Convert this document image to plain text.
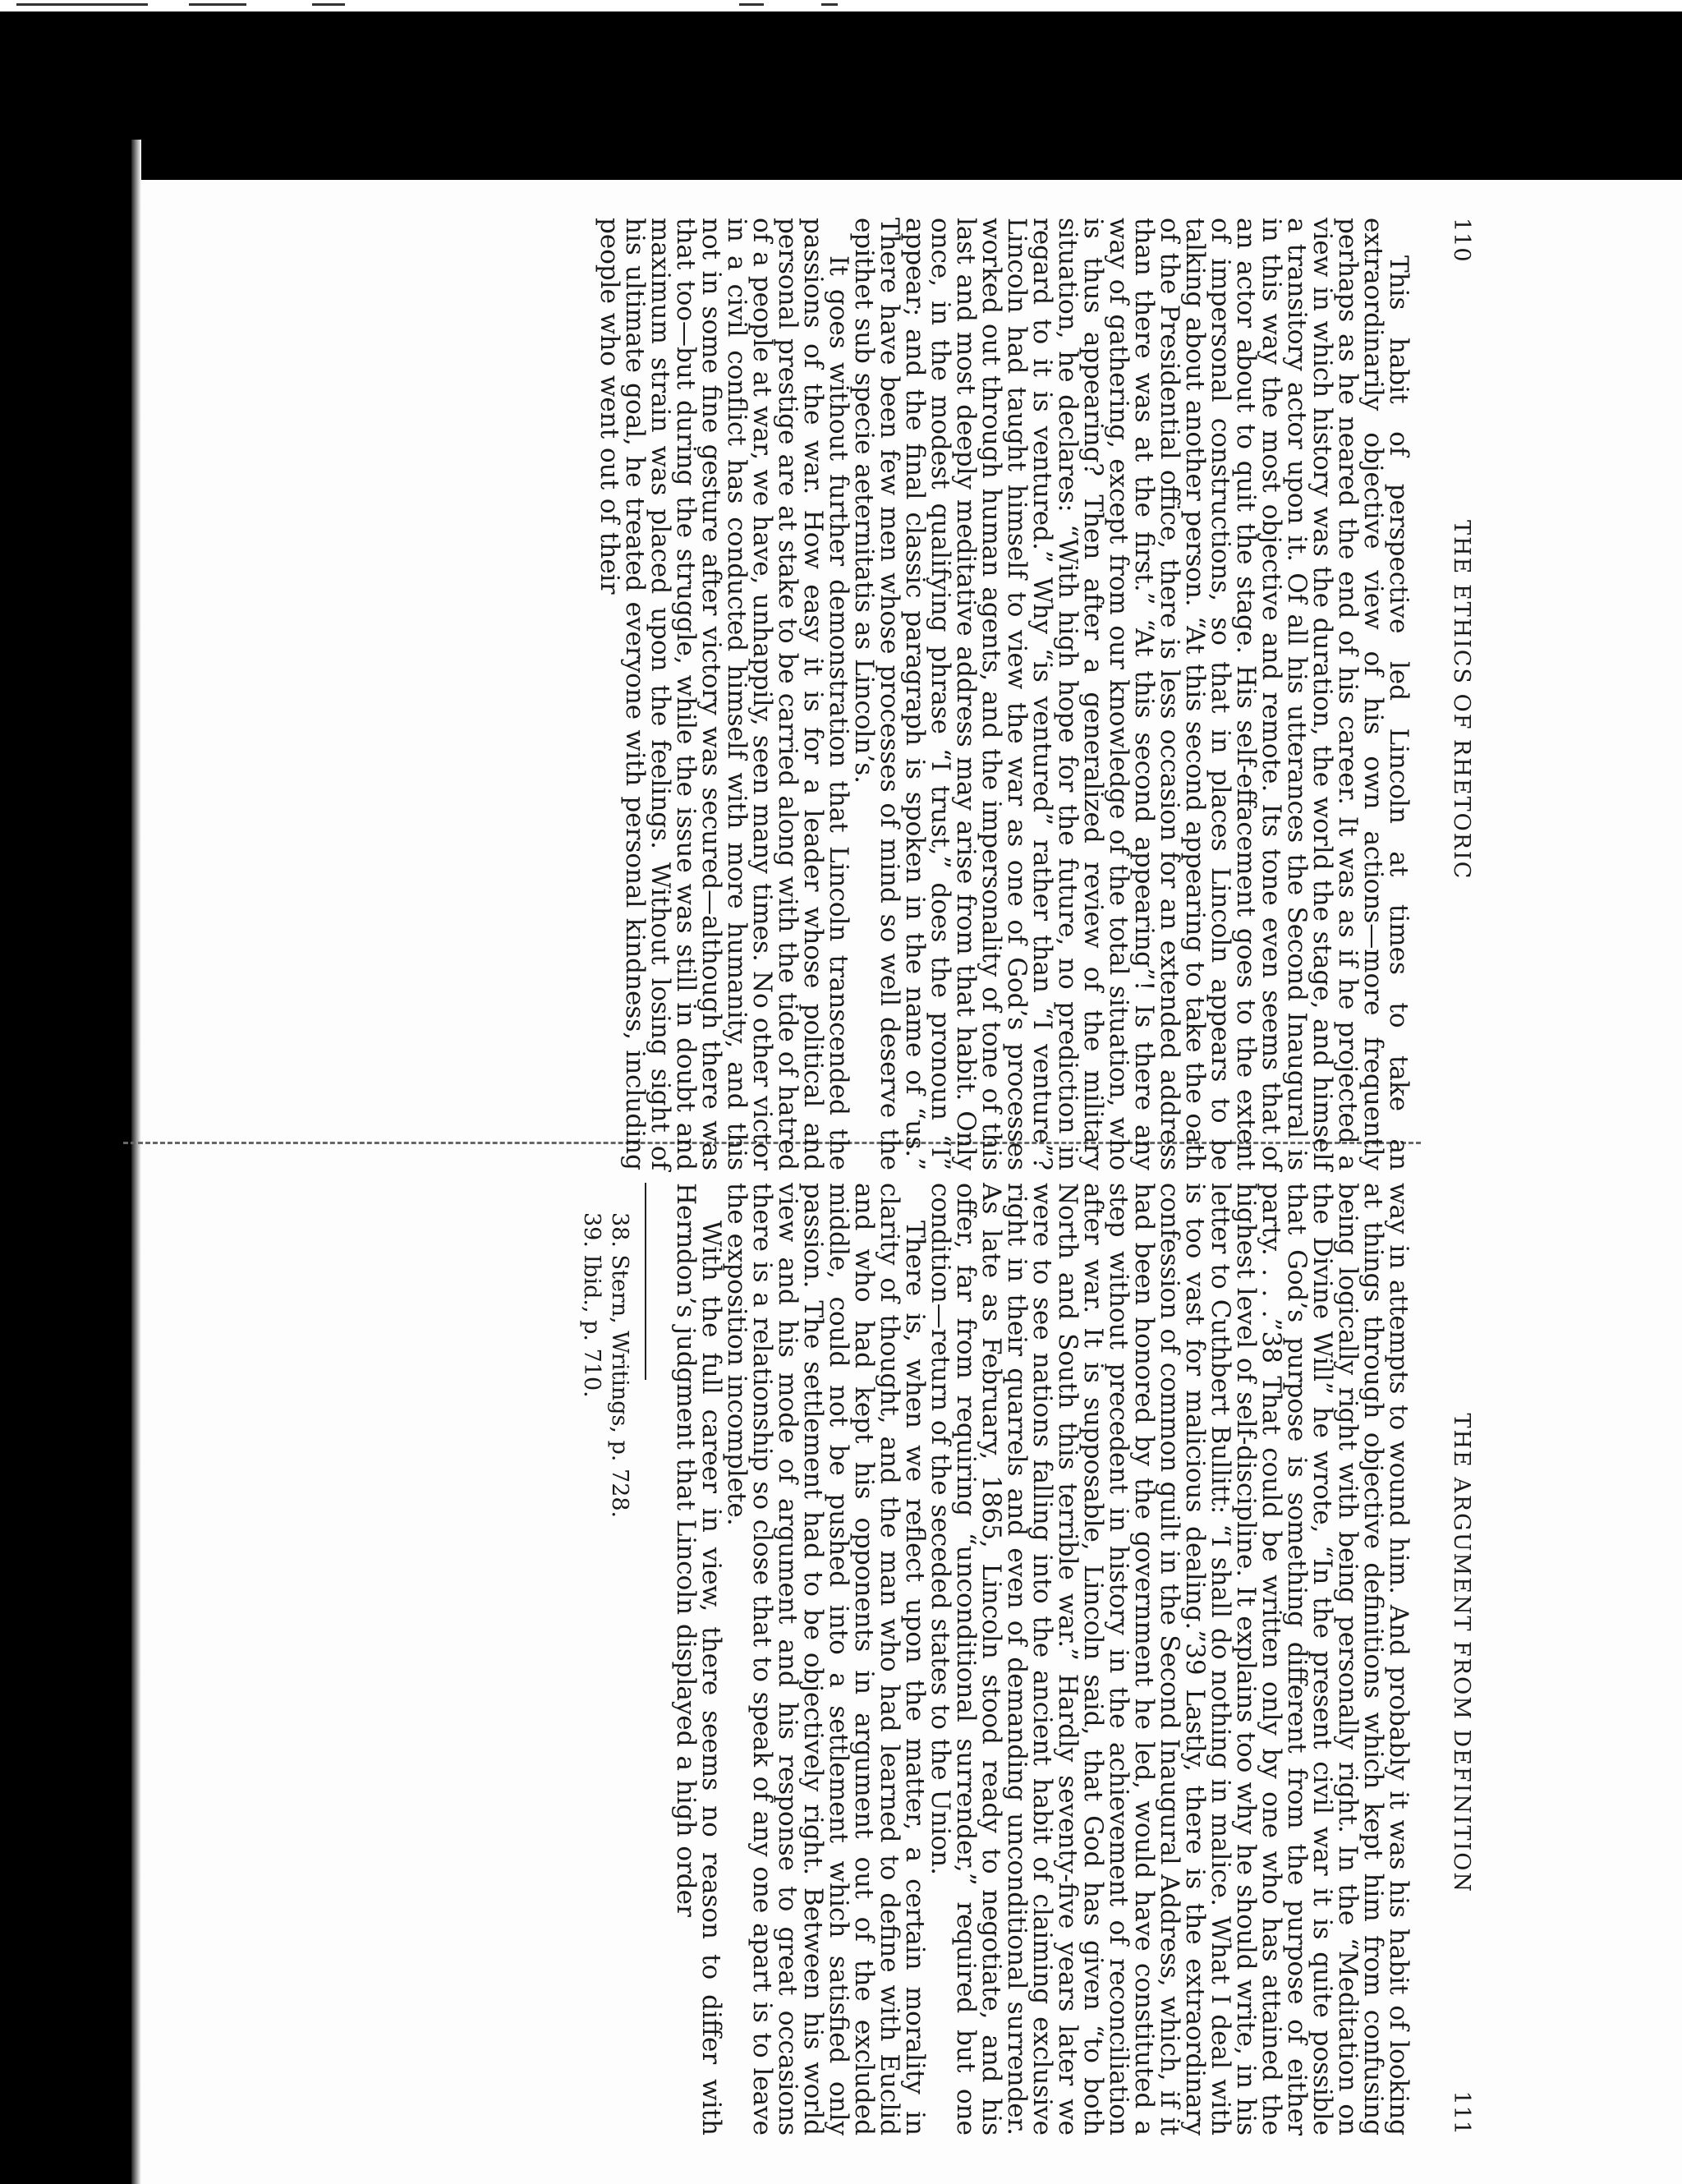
110
THE ETHICS OF RHETORIC

This habit of perspective led Lincoln at times to take an extraordinarily objective view of his own actions—more frequently perhaps as he neared the end of his career. It was as if he projected a view in which history was the duration, the world the stage, and himself a transitory actor upon it. Of all his utterances the Second Inaugural is in this way the most objective and remote. Its tone even seems that of an actor about to quit the stage. His self-effacement goes to the extent of impersonal constructions, so that in places Lincoln appears to be talking about another person. “At this second appearing to take the oath of the Presidential office, there is less occasion for an extended address than there was at the first.” “At this second appearing”! Is there any way of gathering, except from our knowledge of the total situation, who is thus appearing? Then after a generalized review of the military situation, he declares: “With high hope for the future, no prediction in regard to it is ventured.” Why “is ventured” rather than “I venture”? Lincoln had taught himself to view the war as one of God’s processes worked out through human agents, and the impersonality of tone of this last and most deeply meditative address may arise from that habit. Only once, in the modest qualifying phrase “I trust,” does the pronoun “I” appear; and the final classic paragraph is spoken in the name of “us.” There have been few men whose processes of mind so well deserve the epithet sub specie aeternitatis as Lincoln’s.

It goes without further demonstration that Lincoln transcended the passions of the war. How easy it is for a leader whose political and personal prestige are at stake to be carried along with the tide of hatred of a people at war, we have, unhappily, seen many times. No other victor in a civil conflict has conducted himself with more humanity, and this not in some fine gesture after victory was secured—although there was that too—but during the struggle, while the issue was still in doubt and maximum strain was placed upon the feelings. Without losing sight of his ultimate goal, he treated everyone with personal kindness, including people who went out of their

THE ARGUMENT FROM DEFINITION
111

way in attempts to wound him. And probably it was his habit of looking at things through objective definitions which kept him from confusing being logically right with being personally right. In the “Meditation on the Divine Will” he wrote, “In the present civil war it is quite possible that God’s purpose is something different from the purpose of either party. . . .”38 That could be written only by one who has attained the highest level of self-discipline. It explains too why he should write, in his letter to Cuthbert Bullitt: “I shall do nothing in malice. What I deal with is too vast for malicious dealing.”39 Lastly, there is the extraordinary confession of common guilt in the Second Inaugural Address, which, if it had been honored by the government he led, would have constituted a step without precedent in history in the achievement of reconciliation after war. It is supposable, Lincoln said, that God has given “to both North and South this terrible war.” Hardly seventy-five years later we were to see nations falling into the ancient habit of claiming exclusive right in their quarrels and even of demanding unconditional surrender. As late as February, 1865, Lincoln stood ready to negotiate, and his offer, far from requiring “unconditional surrender,” required but one condition—return of the seceded states to the Union.

There is, when we reflect upon the matter, a certain morality in clarity of thought, and the man who had learned to define with Euclid and who had kept his opponents in argument out of the excluded middle, could not be pushed into a settlement which satisfied only passion. The settlement had to be objectively right. Between his world view and his mode of argument and his response to great occasions there is a relationship so close that to speak of any one apart is to leave the exposition incomplete.

With the full career in view, there seems no reason to differ with Herndon’s judgment that Lincoln displayed a high order

38. Stern, Writings, p. 728.

39. Ibid., p. 710.
